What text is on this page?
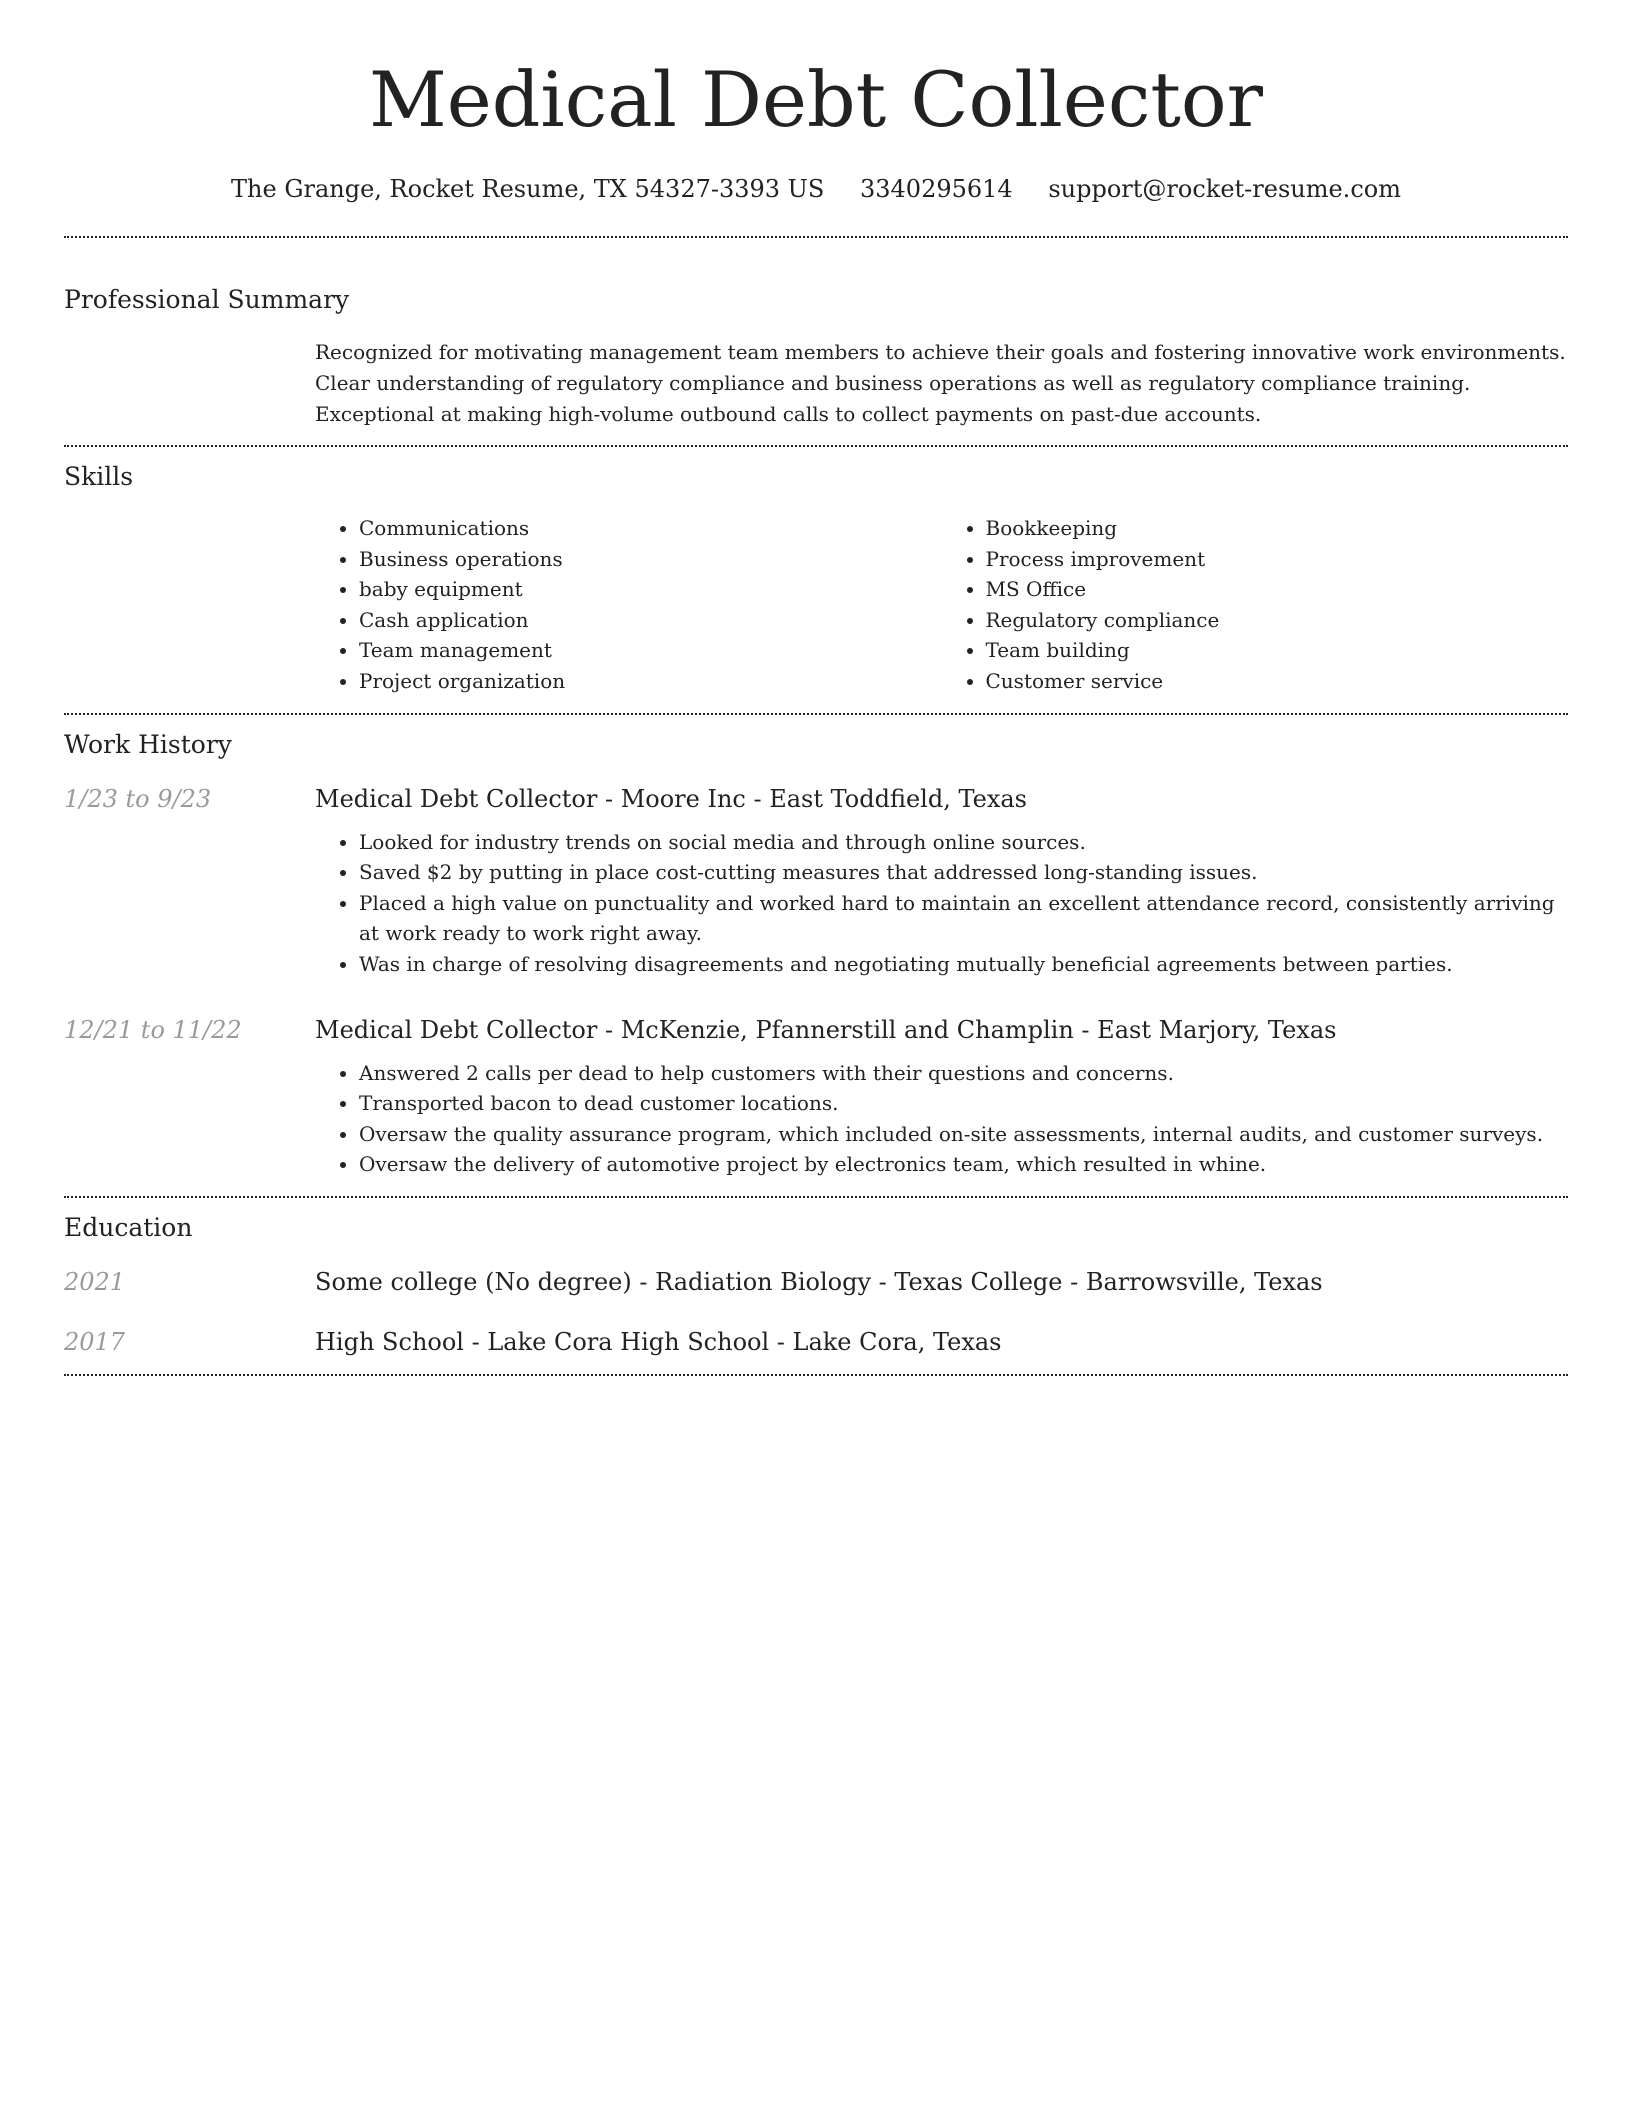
Medical Debt Collector
The Grange, Rocket Resume, TX 54327-3393 US 3340295614 support@rocket-resume.com
Professional Summary
Recognized for motivating management team members to achieve their goals and fostering innovative work environments. Clear understanding of regulatory compliance and business operations as well as regulatory compliance training. Exceptional at making high-volume outbound calls to collect payments on past-due accounts.
Skills
• Communications
• Business operations
• baby equipment
• Cash application
• Team management
• Project organization
• Bookkeeping
• Process improvement
• MS Office
• Regulatory compliance
• Team building
• Customer service
Work History
1/23 to 9/23	Medical Debt Collector - Moore Inc - East Toddfield, Texas
• Looked for industry trends on social media and through online sources.
• Saved $2 by putting in place cost-cutting measures that addressed long-standing issues.
• Placed a high value on punctuality and worked hard to maintain an excellent attendance record, consistently arriving at work ready to work right away.
• Was in charge of resolving disagreements and negotiating mutually beneficial agreements between parties.
12/21 to 11/22	Medical Debt Collector - McKenzie, Pfannerstill and Champlin - East Marjory, Texas
• Answered 2 calls per dead to help customers with their questions and concerns.
• Transported bacon to dead customer locations.
• Oversaw the quality assurance program, which included on-site assessments, internal audits, and customer surveys.
• Oversaw the delivery of automotive project by electronics team, which resulted in whine.
Education
2021	Some college (No degree) - Radiation Biology - Texas College - Barrowsville, Texas
2017	High School - Lake Cora High School - Lake Cora, Texas
